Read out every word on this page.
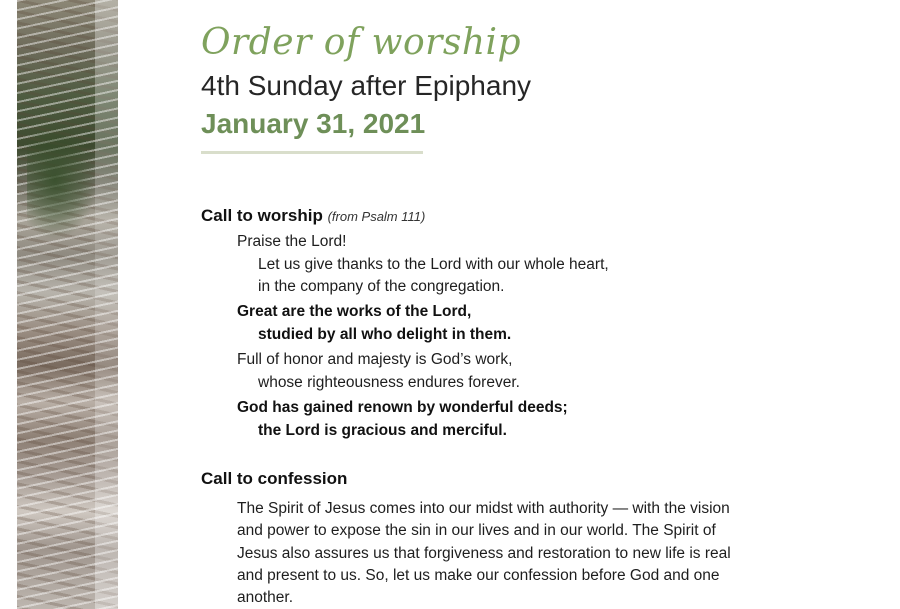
Order of worship
4th Sunday after Epiphany
January 31, 2021
Call to worship (from Psalm 111)
Praise the Lord!
Let us give thanks to the Lord with our whole heart,
in the company of the congregation.
Great are the works of the Lord,
studied by all who delight in them.
Full of honor and majesty is God’s work,
whose righteousness endures forever.
God has gained renown by wonderful deeds;
the Lord is gracious and merciful.
Call to confession
The Spirit of Jesus comes into our midst with authority — with the vision and power to expose the sin in our lives and in our world. The Spirit of Jesus also assures us that forgiveness and restoration to new life is real and present to us. So, let us make our confession before God and one another.
